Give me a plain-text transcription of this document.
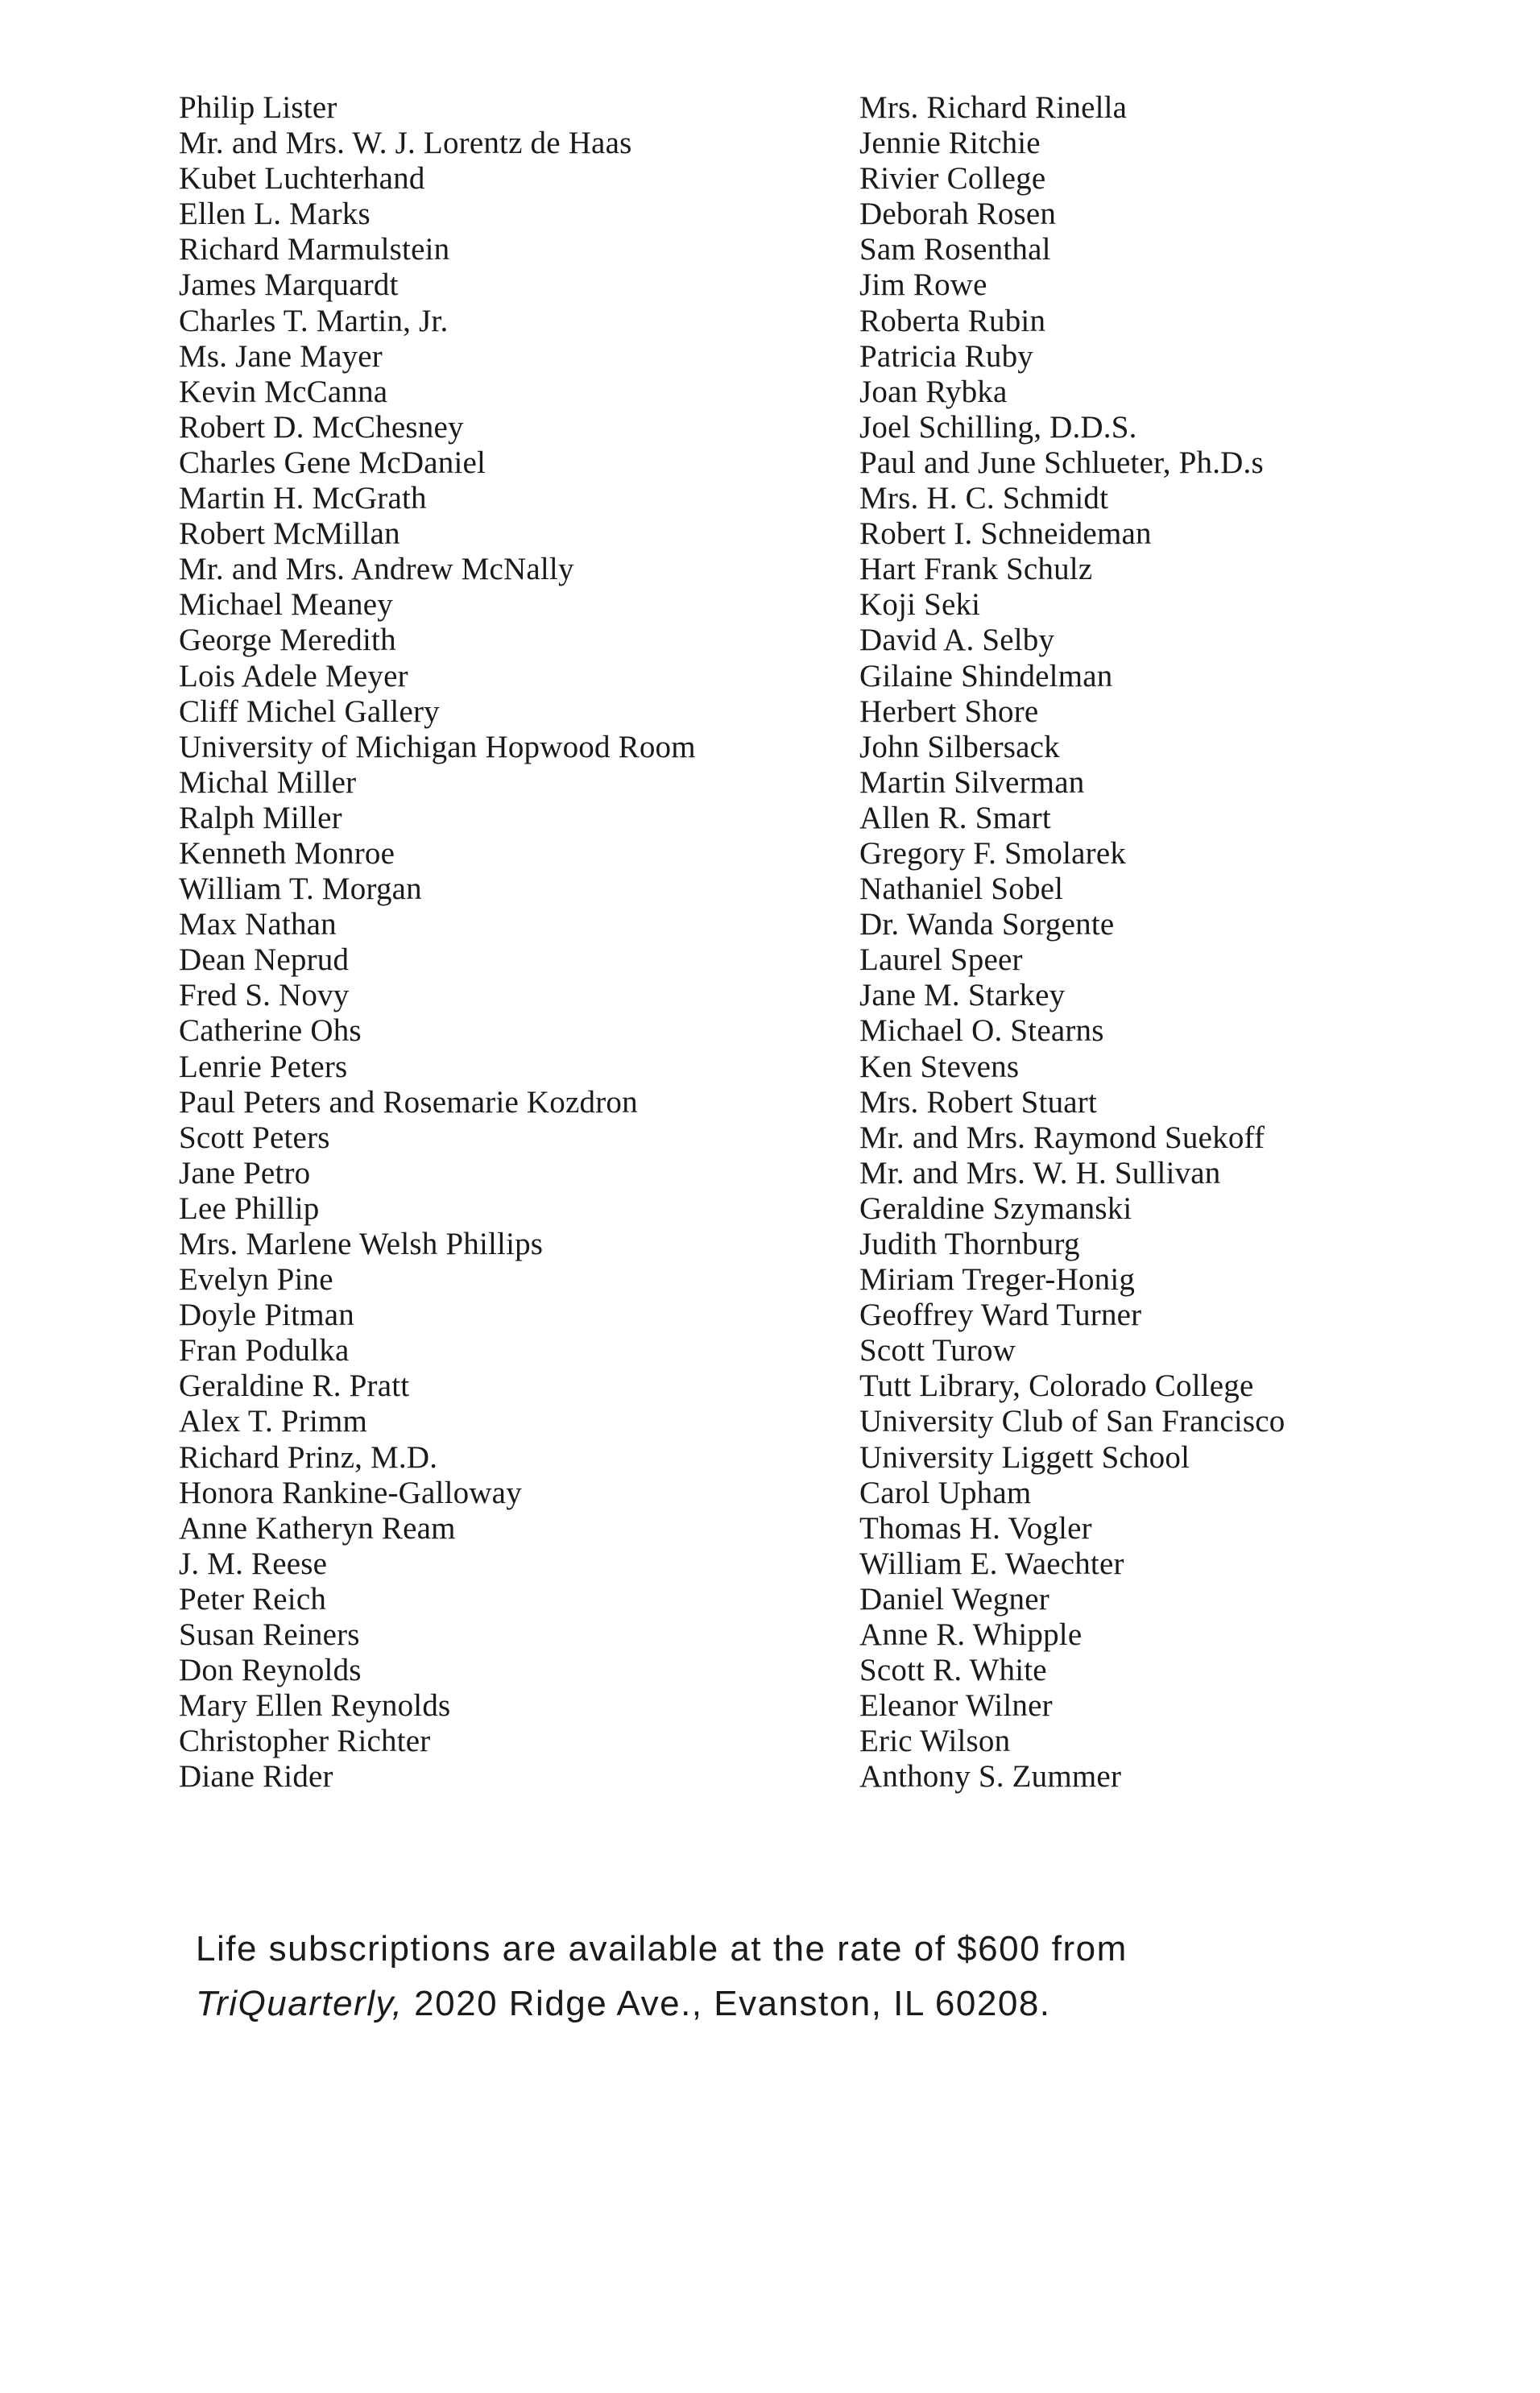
Philip Lister
Mr. and Mrs. W. J. Lorentz de Haas
Kubet Luchterhand
Ellen L. Marks
Richard Marmulstein
James Marquardt
Charles T. Martin, Jr.
Ms. Jane Mayer
Kevin McCanna
Robert D. McChesney
Charles Gene McDaniel
Martin H. McGrath
Robert McMillan
Mr. and Mrs. Andrew McNally
Michael Meaney
George Meredith
Lois Adele Meyer
Cliff Michel Gallery
University of Michigan Hopwood Room
Michal Miller
Ralph Miller
Kenneth Monroe
William T. Morgan
Max Nathan
Dean Neprud
Fred S. Novy
Catherine Ohs
Lenrie Peters
Paul Peters and Rosemarie Kozdron
Scott Peters
Jane Petro
Lee Phillip
Mrs. Marlene Welsh Phillips
Evelyn Pine
Doyle Pitman
Fran Podulka
Geraldine R. Pratt
Alex T. Primm
Richard Prinz, M.D.
Honora Rankine-Galloway
Anne Katheryn Ream
J. M. Reese
Peter Reich
Susan Reiners
Don Reynolds
Mary Ellen Reynolds
Christopher Richter
Diane Rider
Mrs. Richard Rinella
Jennie Ritchie
Rivier College
Deborah Rosen
Sam Rosenthal
Jim Rowe
Roberta Rubin
Patricia Ruby
Joan Rybka
Joel Schilling, D.D.S.
Paul and June Schlueter, Ph.D.s
Mrs. H. C. Schmidt
Robert I. Schneideman
Hart Frank Schulz
Koji Seki
David A. Selby
Gilaine Shindelman
Herbert Shore
John Silbersack
Martin Silverman
Allen R. Smart
Gregory F. Smolarek
Nathaniel Sobel
Dr. Wanda Sorgente
Laurel Speer
Jane M. Starkey
Michael O. Stearns
Ken Stevens
Mrs. Robert Stuart
Mr. and Mrs. Raymond Suekoff
Mr. and Mrs. W. H. Sullivan
Geraldine Szymanski
Judith Thornburg
Miriam Treger-Honig
Geoffrey Ward Turner
Scott Turow
Tutt Library, Colorado College
University Club of San Francisco
University Liggett School
Carol Upham
Thomas H. Vogler
William E. Waechter
Daniel Wegner
Anne R. Whipple
Scott R. White
Eleanor Wilner
Eric Wilson
Anthony S. Zummer
Life subscriptions are available at the rate of $600 from
TriQuarterly, 2020 Ridge Ave., Evanston, IL 60208.
